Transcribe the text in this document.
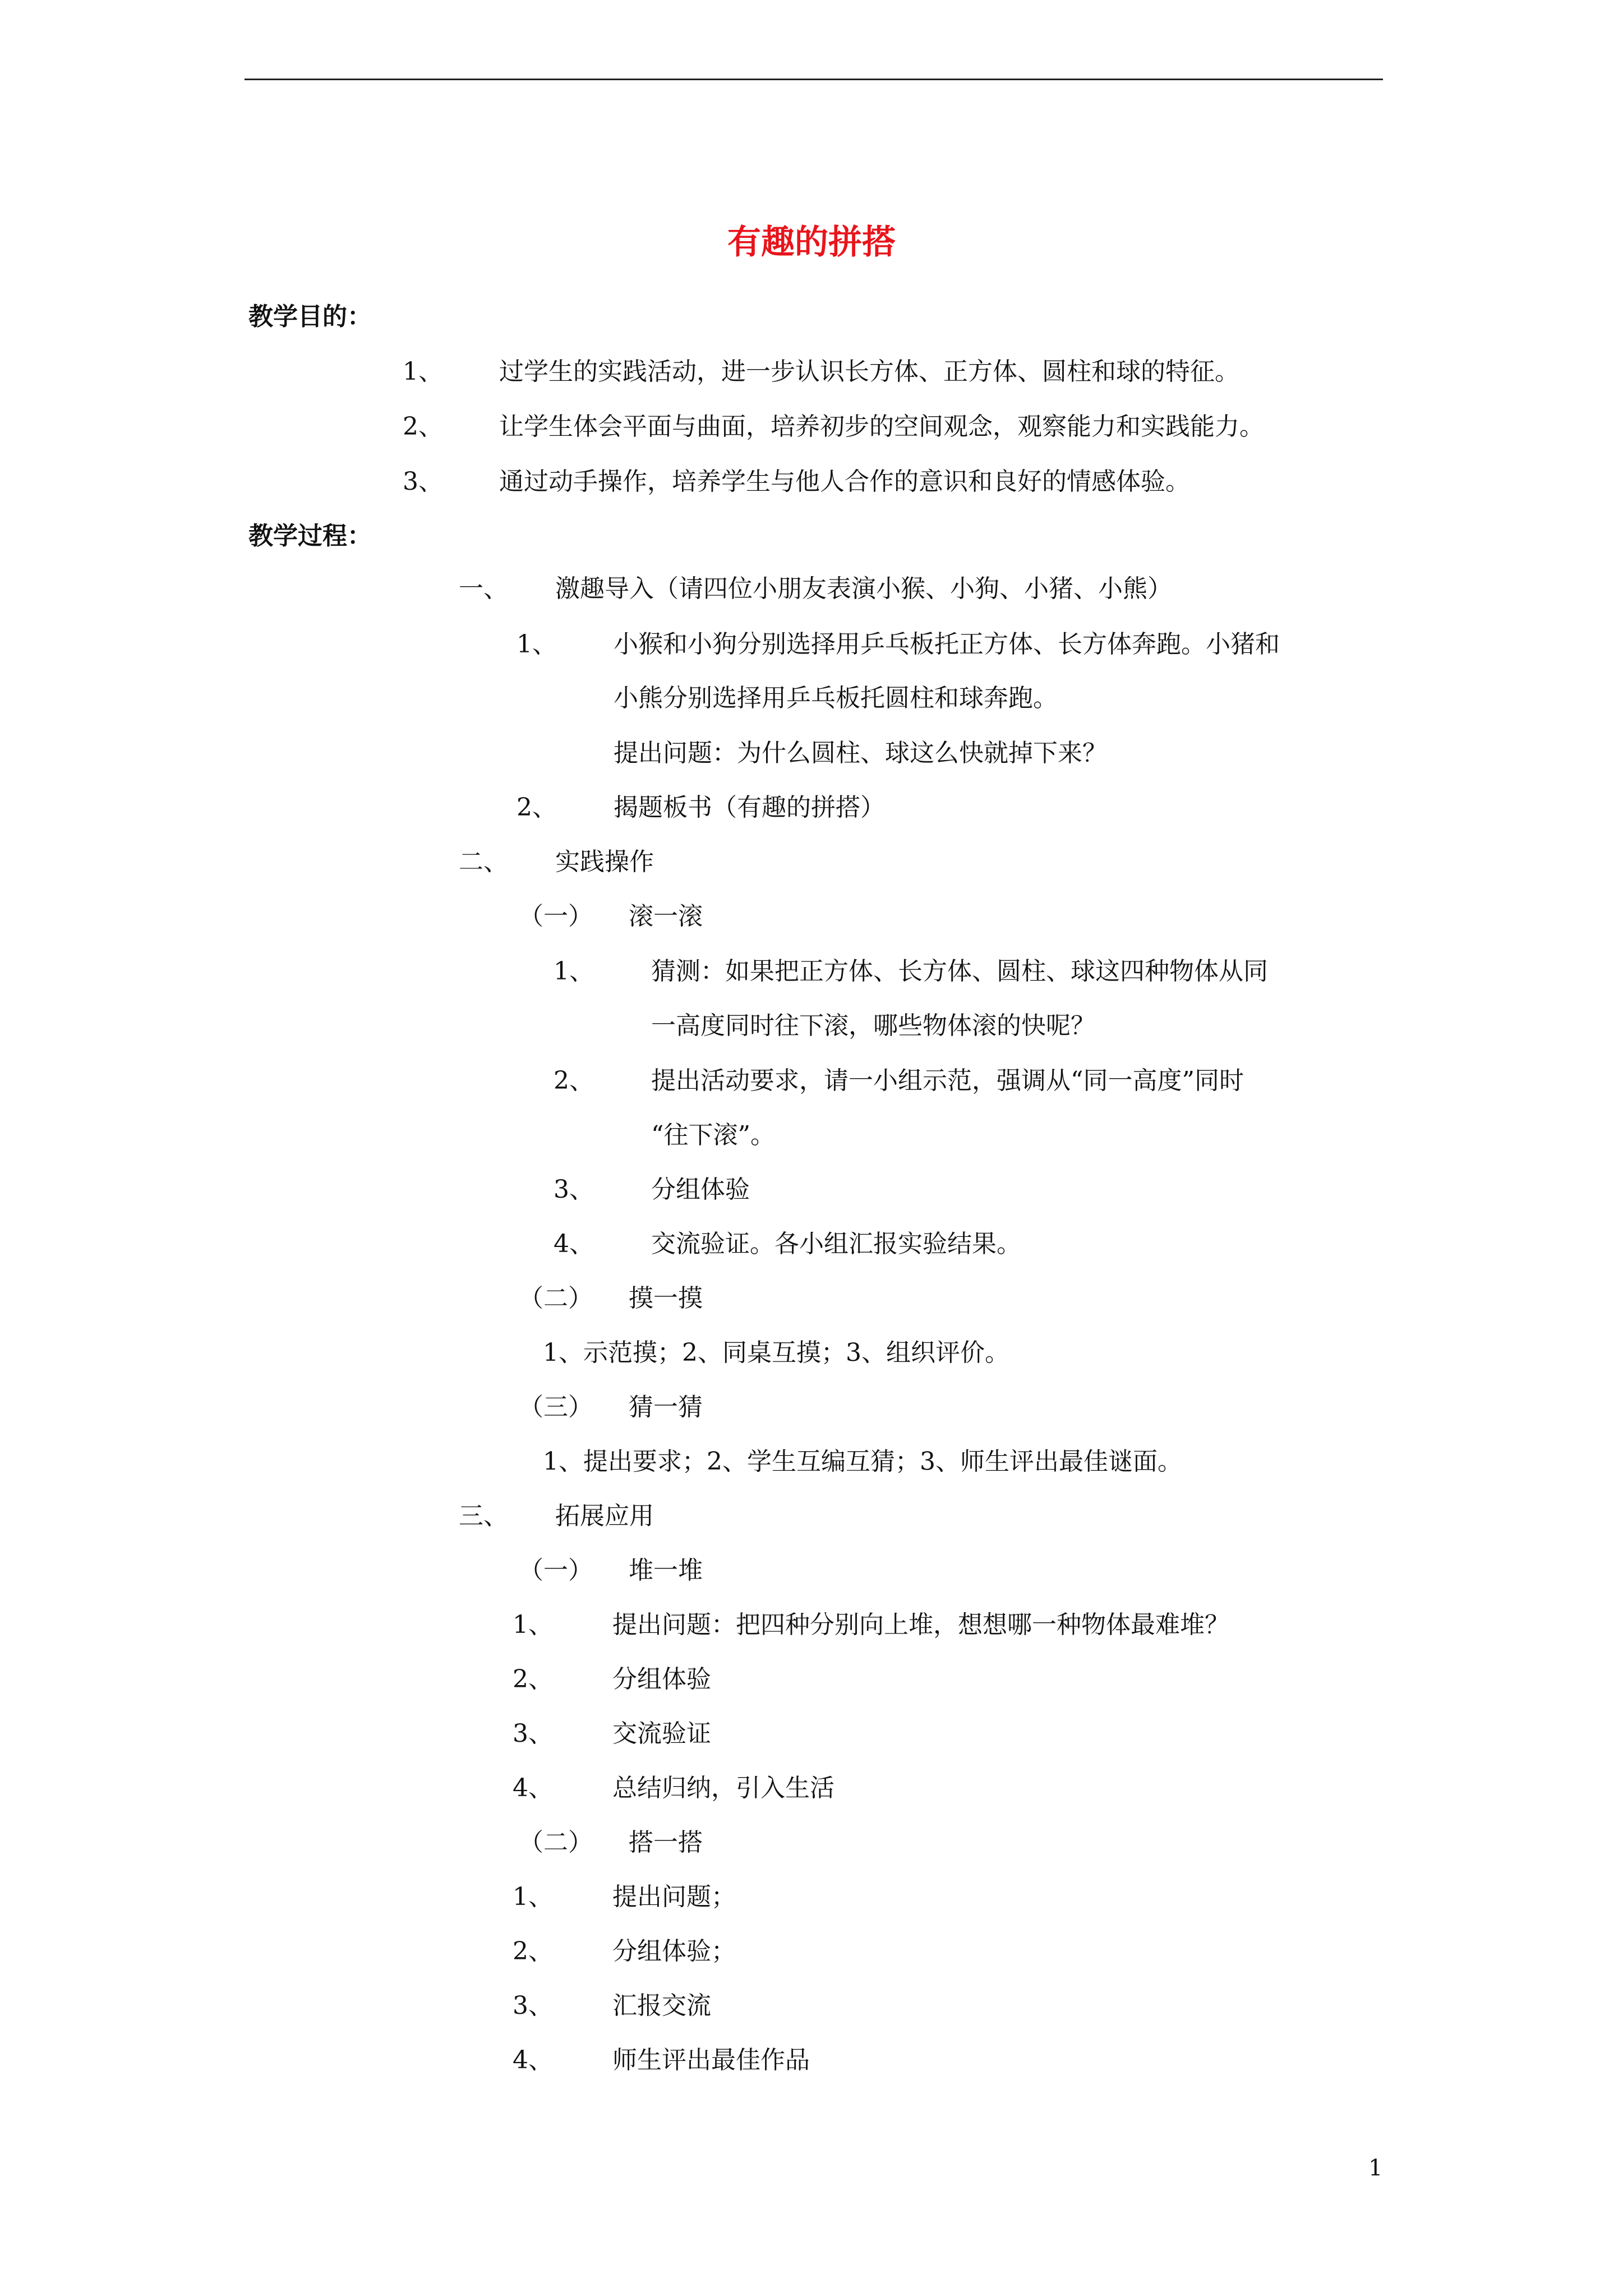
有趣的拼搭
教学目的：
1、 过学生的实践活动，进一步认识长方体、正方体、圆柱和球的特征。
2、 让学生体会平面与曲面，培养初步的空间观念，观察能力和实践能力。
3、 通过动手操作，培养学生与他人合作的意识和良好的情感体验。
教学过程：
一、 激趣导入（请四位小朋友表演小猴、小狗、小猪、小熊）
1、 小猴和小狗分别选择用乒乓板托正方体、长方体奔跑。小猪和
小熊分别选择用乒乓板托圆柱和球奔跑。
提出问题：为什么圆柱、球这么快就掉下来？
2、 揭题板书（有趣的拼搭）
二、 实践操作
（一） 滚一滚
1、 猜测：如果把正方体、长方体、圆柱、球这四种物体从同
一高度同时往下滚，哪些物体滚的快呢？
2、 提出活动要求，请一小组示范，强调从“同一高度”同时
“往下滚”。
3、 分组体验
4、 交流验证。各小组汇报实验结果。
（二） 摸一摸
1、示范摸；2、同桌互摸；3、组织评价。
（三） 猜一猜
1、提出要求；2、学生互编互猜；3、师生评出最佳谜面。
三、 拓展应用
（一） 堆一堆
1、 提出问题：把四种分别向上堆，想想哪一种物体最难堆？
2、 分组体验
3、 交流验证
4、 总结归纳，引入生活
（二） 搭一搭
1、 提出问题；
2、 分组体验；
3、 汇报交流
4、 师生评出最佳作品
1
